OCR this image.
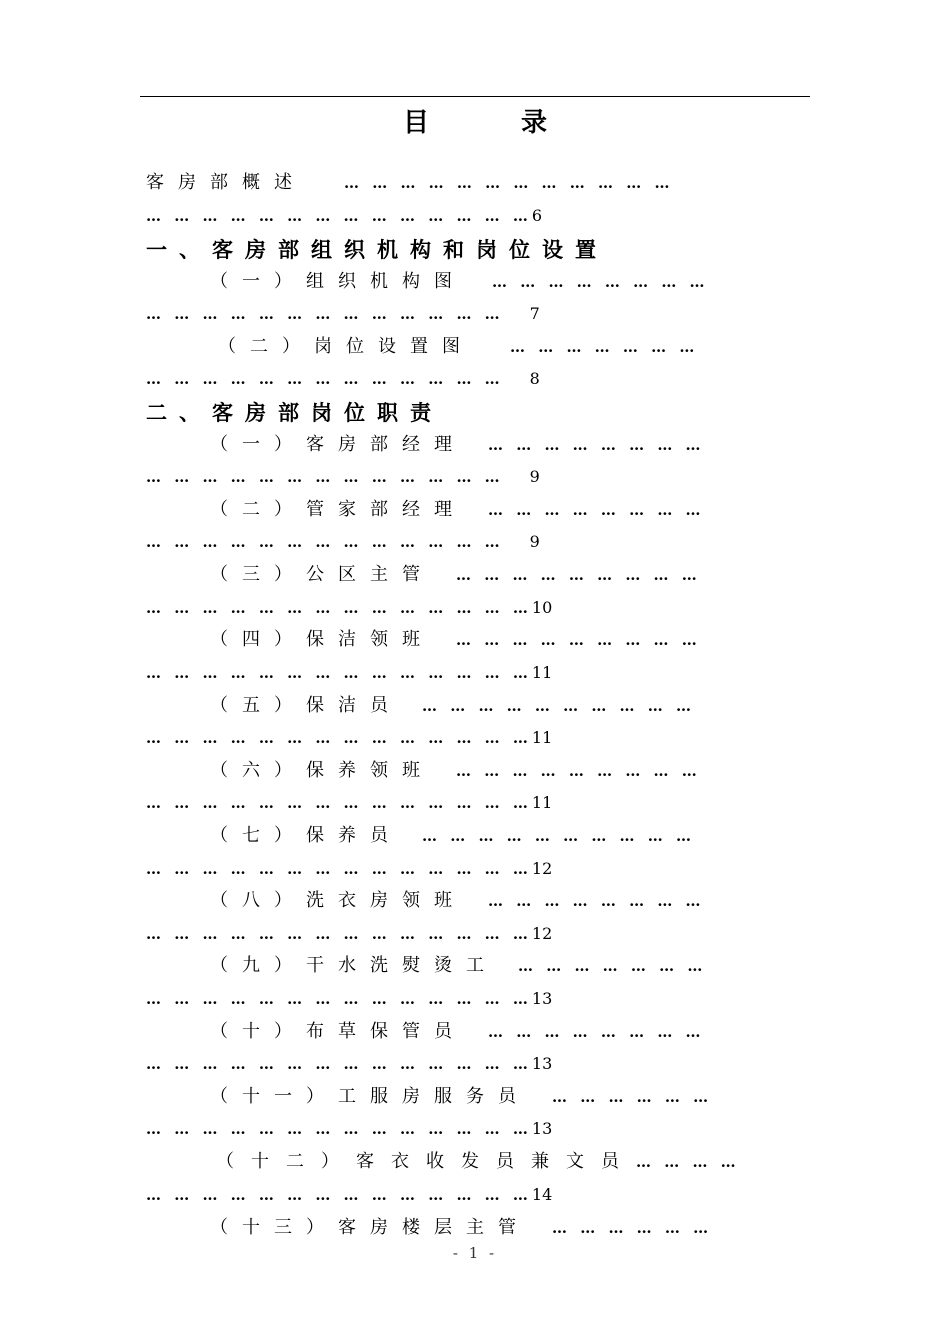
目	录
客房部概述	… … … … … … … … … … … …
… … … … … … … … … … … … … …6
一、客房部组织机构和岗位设置
（一）组织机构图 … … … … … … … …
… … … … … … … … … … … … … 7
（二）岗位设置图 … … … … … … …
… … … … … … … … … … … … … 8
二、客房部岗位职责
（一）客房部经理 … … … … … … … …
… … … … … … … … … … … … … 9
（二）管家部经理 … … … … … … … …
… … … … … … … … … … … … … 9
（三）公区主管 … … … … … … … … …
… … … … … … … … … … … … … …10
（四）保洁领班 … … … … … … … … …
… … … … … … … … … … … … … …11
（五）保洁员 … … … … … … … … … …
… … … … … … … … … … … … … …11
（六）保养领班 … … … … … … … … …
… … … … … … … … … … … … … …11
（七）保养员 … … … … … … … … … …
… … … … … … … … … … … … … …12
（八）洗衣房领班 … … … … … … … …
… … … … … … … … … … … … … …12
（九）干水洗熨烫工 … … … … … … …
… … … … … … … … … … … … … …13
（十）布草保管员 … … … … … … … …
… … … … … … … … … … … … … …13
（十一）工服房服务员 … … … … … …
… … … … … … … … … … … … … …13
（十二）客衣收发员兼文员… … … …
… … … … … … … … … … … … … …14
（十三）客房楼层主管 … … … … … …
- 1 -
